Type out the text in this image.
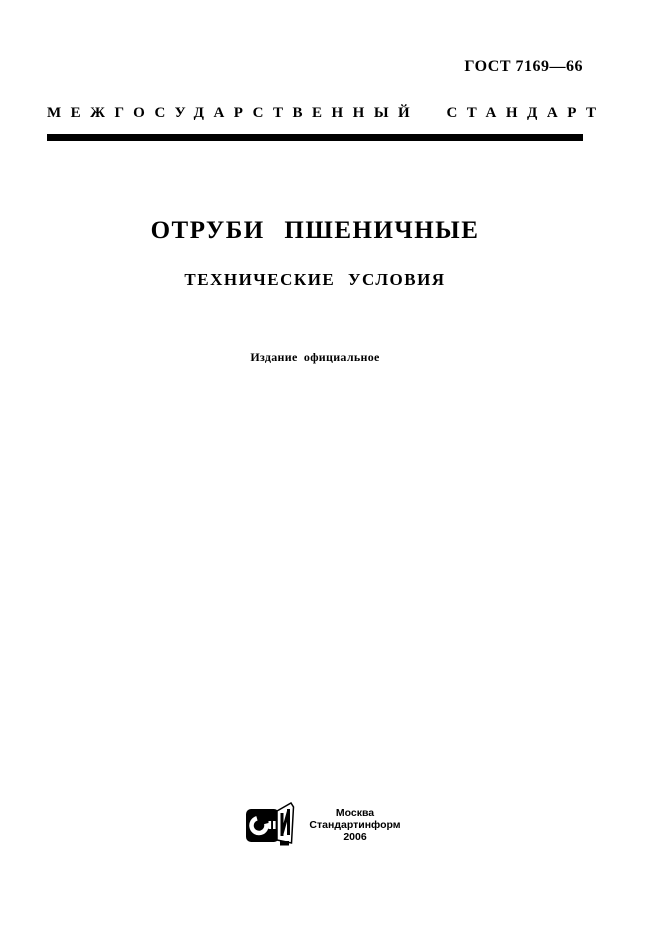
ГОСТ 7169—66
МЕЖГОСУДАРСТВЕННЫЙ СТАНДАРТ
ОТРУБИ ПШЕНИЧНЫЕ
ТЕХНИЧЕСКИЕ УСЛОВИЯ
Издание официальное
Москва
Стандартинформ
2006
